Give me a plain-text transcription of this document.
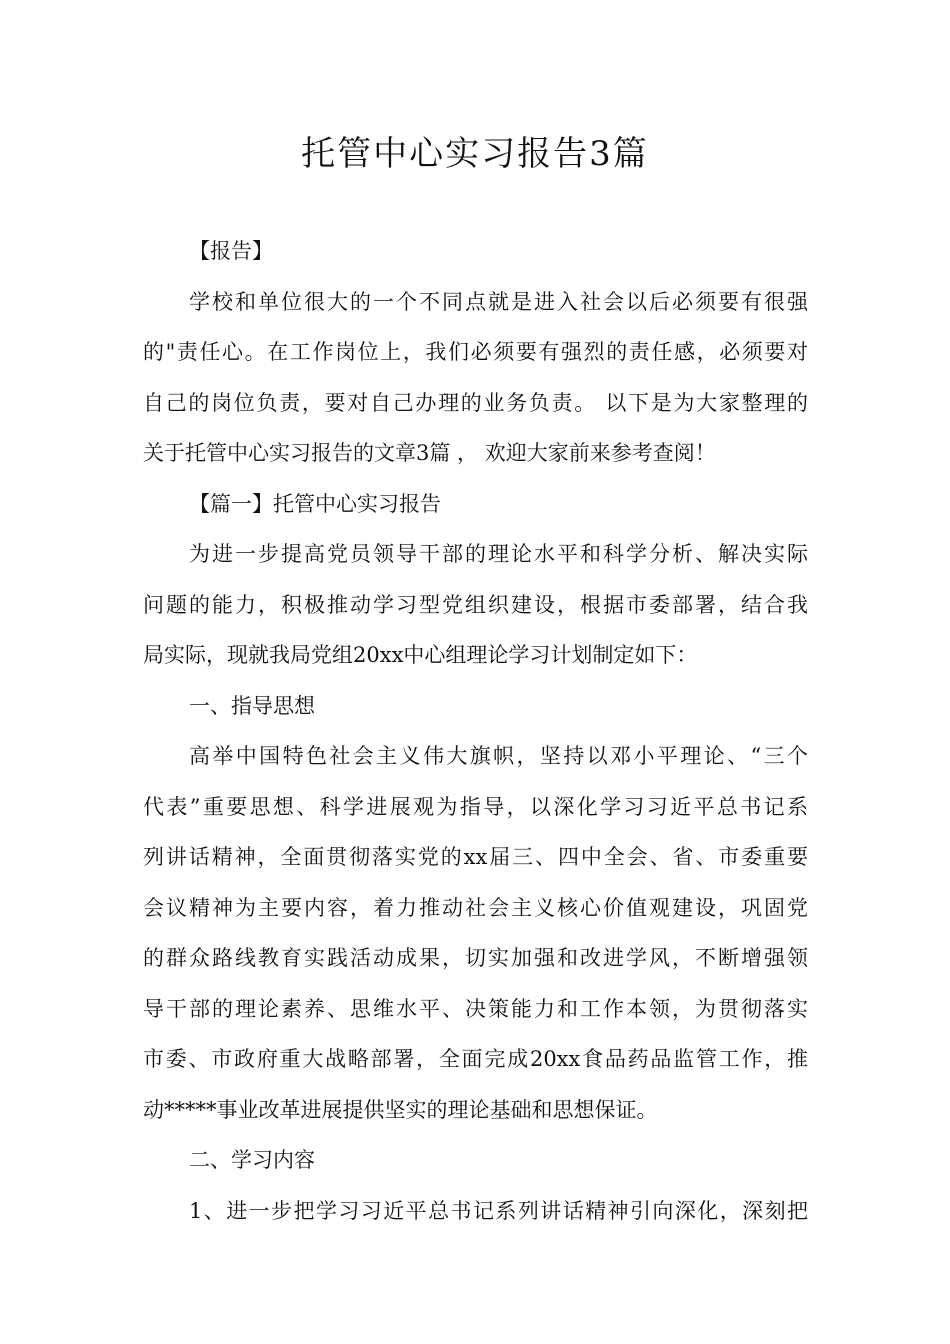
托管中心实习报告3篇
【报告】
学校和单位很大的一个不同点就是进入社会以后必须要有很强
的"责任心。在工作岗位上，我们必须要有强烈的责任感，必须要对
自己的岗位负责，要对自己办理的业务负责。 以下是为大家整理的
关于托管中心实习报告的文章3篇 ， 欢迎大家前来参考查阅！
【篇一】托管中心实习报告
为进一步提高党员领导干部的理论水平和科学分析、解决实际
问题的能力，积极推动学习型党组织建设，根据市委部署，结合我
局实际，现就我局党组20xx中心组理论学习计划制定如下：
一、指导思想
高举中国特色社会主义伟大旗帜，坚持以邓小平理论、“三个
代表”重要思想、科学进展观为指导，以深化学习习近平总书记系
列讲话精神，全面贯彻落实党的xx届三、四中全会、省、市委重要
会议精神为主要内容，着力推动社会主义核心价值观建设，巩固党
的群众路线教育实践活动成果，切实加强和改进学风，不断增强领
导干部的理论素养、思维水平、决策能力和工作本领，为贯彻落实
市委、市政府重大战略部署，全面完成20xx食品药品监管工作，推
动*****事业改革进展提供坚实的理论基础和思想保证。
二、学习内容
1、进一步把学习习近平总书记系列讲话精神引向深化，深刻把
